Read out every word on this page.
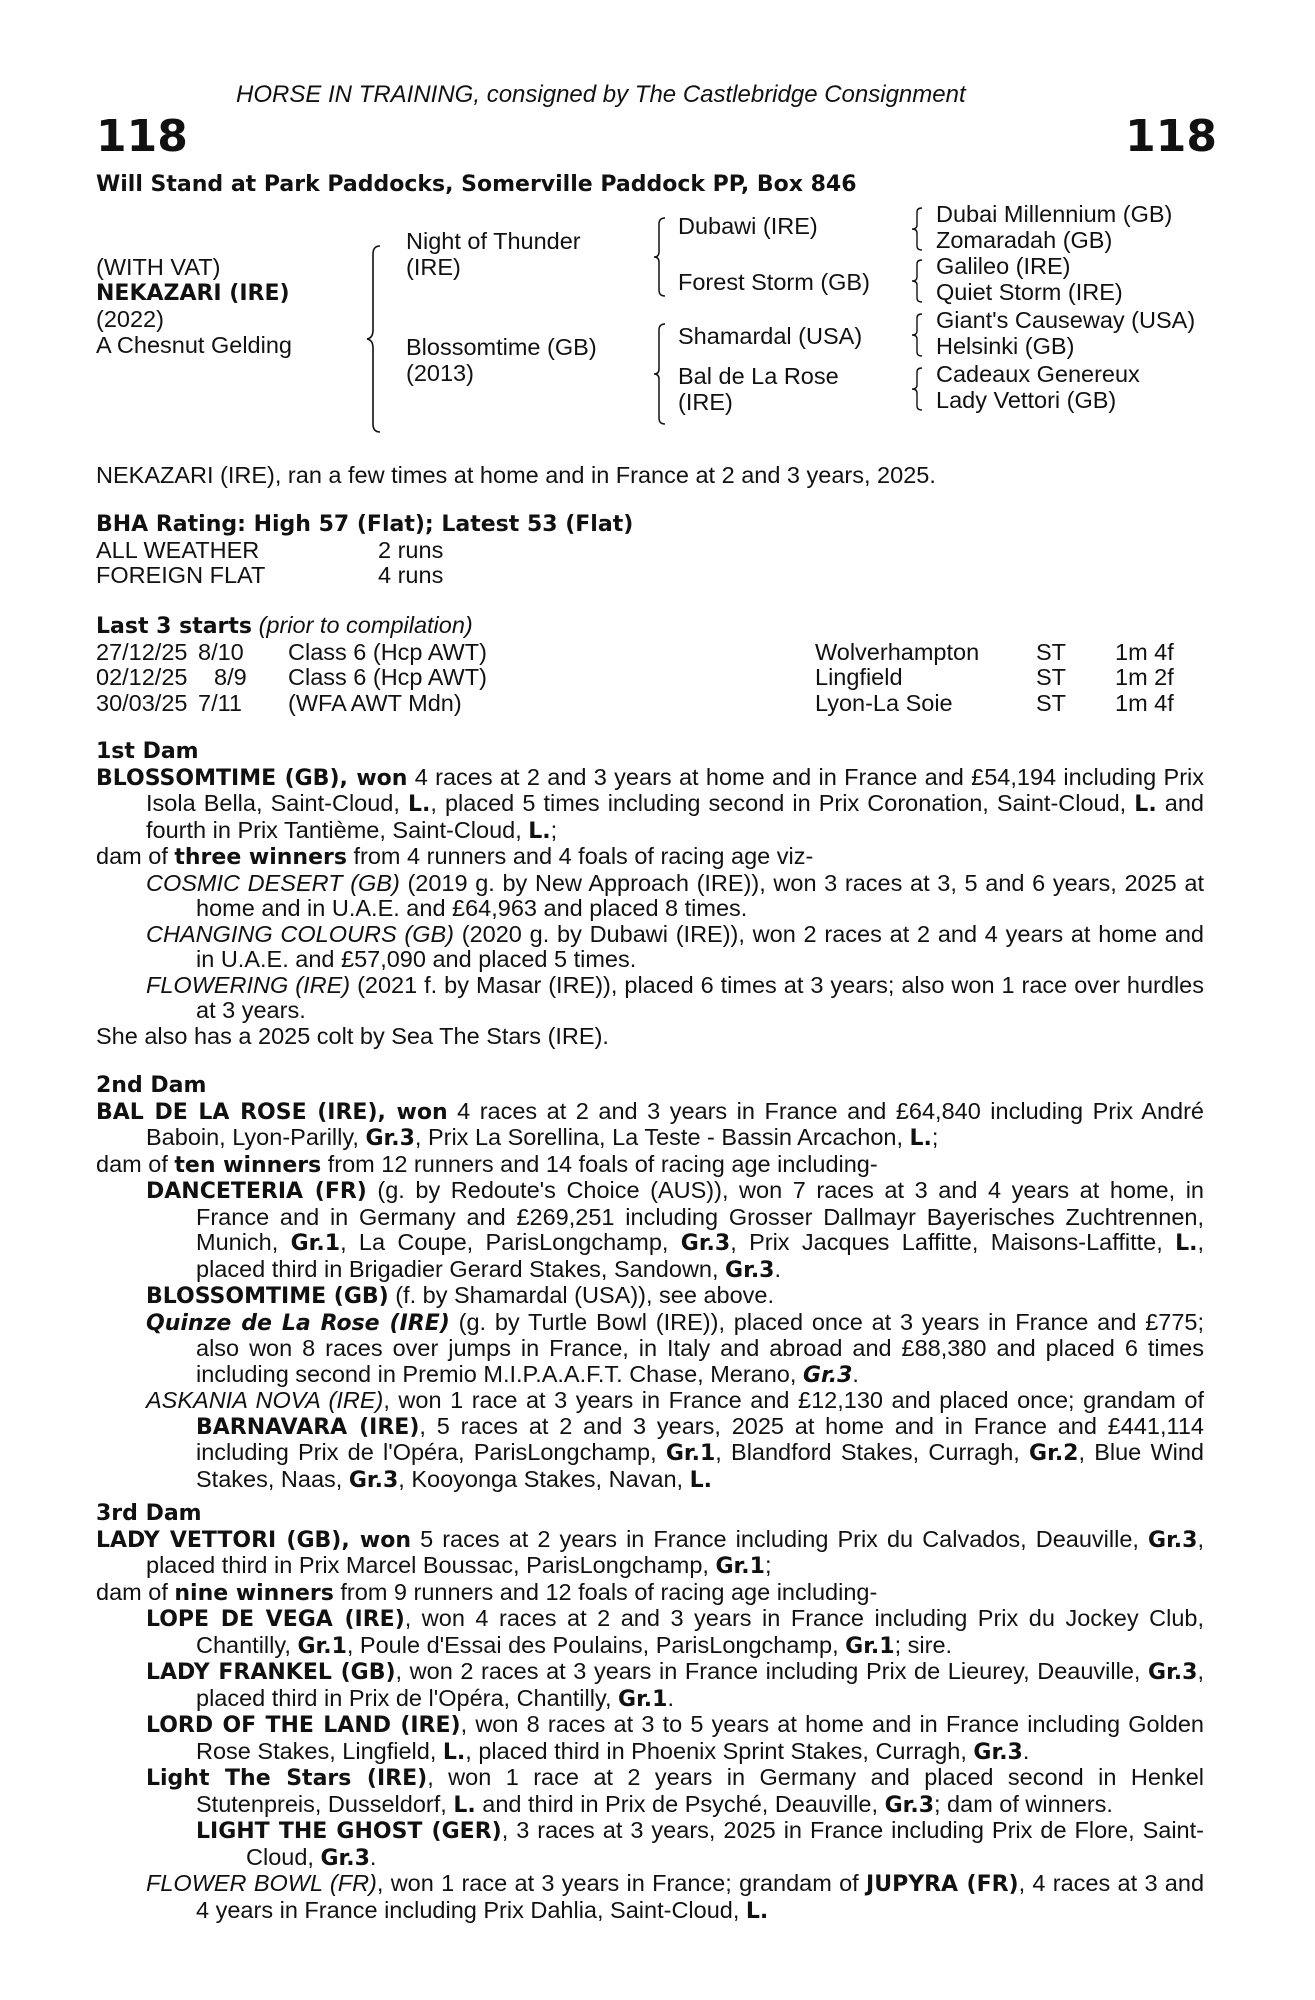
HORSE IN TRAINING, consigned by The Castlebridge Consignment
118	118
Will Stand at Park Paddocks, Somerville Paddock PP, Box 846
(WITH VAT)
NEKAZARI (IRE)
(2022)
A Chesnut Gelding
Night of Thunder
(IRE)
Blossomtime (GB)
(2013)
Dubawi (IRE)
Forest Storm (GB)
Shamardal (USA)
Bal de La Rose
(IRE)
Dubai Millennium (GB)
Zomaradah (GB)
Galileo (IRE)
Quiet Storm (IRE)
Giant's Causeway (USA)
Helsinki (GB)
Cadeaux Genereux
Lady Vettori (GB)
NEKAZARI (IRE), ran a few times at home and in France at 2 and 3 years, 2025.
BHA Rating: High 57 (Flat); Latest 53 (Flat)
ALL WEATHER	2 runs
FOREIGN FLAT	4 runs
Last 3 starts (prior to compilation)
27/12/25 8/10 Class 6 (Hcp AWT)	Wolverhampton ST 1m 4f
02/12/25 8/9 Class 6 (Hcp AWT)	Lingfield	ST 1m 2f
30/03/25 7/11 (WFA AWT Mdn)	Lyon-La Soie	ST 1m 4f

1st Dam

BLOSSOMTIME (GB), won 4 races at 2 and 3 years at home and in France and £54,194 including Prix Isola Bella, Saint-Cloud, L., placed 5 times including second in Prix Coronation, Saint-Cloud, L. and fourth in Prix Tantième, Saint-Cloud, L.;

dam of three winners from 4 runners and 4 foals of racing age viz-

COSMIC DESERT (GB) (2019 g. by New Approach (IRE)), won 3 races at 3, 5 and 6 years, 2025 at home and in U.A.E. and £64,963 and placed 8 times.

CHANGING COLOURS (GB) (2020 g. by Dubawi (IRE)), won 2 races at 2 and 4 years at home and in U.A.E. and £57,090 and placed 5 times.

FLOWERING (IRE) (2021 f. by Masar (IRE)), placed 6 times at 3 years; also won 1 race over hurdles at 3 years.

She also has a 2025 colt by Sea The Stars (IRE).

2nd Dam

BAL DE LA ROSE (IRE), won 4 races at 2 and 3 years in France and £64,840 including Prix André Baboin, Lyon-Parilly, Gr.3, Prix La Sorellina, La Teste - Bassin Arcachon, L.;

dam of ten winners from 12 runners and 14 foals of racing age including-

DANCETERIA (FR) (g. by Redoute's Choice (AUS)), won 7 races at 3 and 4 years at home, in France and in Germany and £269,251 including Grosser Dallmayr Bayerisches Zuchtrennen, Munich, Gr.1, La Coupe, ParisLongchamp, Gr.3, Prix Jacques Laffitte, Maisons-Laffitte, L., placed third in Brigadier Gerard Stakes, Sandown, Gr.3.

BLOSSOMTIME (GB) (f. by Shamardal (USA)), see above.

Quinze de La Rose (IRE) (g. by Turtle Bowl (IRE)), placed once at 3 years in France and £775; also won 8 races over jumps in France, in Italy and abroad and £88,380 and placed 6 times including second in Premio M.I.P.A.A.F.T. Chase, Merano, Gr.3.

ASKANIA NOVA (IRE), won 1 race at 3 years in France and £12,130 and placed once; grandam of BARNAVARA (IRE), 5 races at 2 and 3 years, 2025 at home and in France and £441,114 including Prix de l'Opéra, ParisLongchamp, Gr.1, Blandford Stakes, Curragh, Gr.2, Blue Wind Stakes, Naas, Gr.3, Kooyonga Stakes, Navan, L.

3rd Dam

LADY VETTORI (GB), won 5 races at 2 years in France including Prix du Calvados, Deauville, Gr.3, placed third in Prix Marcel Boussac, ParisLongchamp, Gr.1;

dam of nine winners from 9 runners and 12 foals of racing age including-

LOPE DE VEGA (IRE), won 4 races at 2 and 3 years in France including Prix du Jockey Club, Chantilly, Gr.1, Poule d'Essai des Poulains, ParisLongchamp, Gr.1; sire.

LADY FRANKEL (GB), won 2 races at 3 years in France including Prix de Lieurey, Deauville, Gr.3, placed third in Prix de l'Opéra, Chantilly, Gr.1.

LORD OF THE LAND (IRE), won 8 races at 3 to 5 years at home and in France including Golden Rose Stakes, Lingfield, L., placed third in Phoenix Sprint Stakes, Curragh, Gr.3.

Light The Stars (IRE), won 1 race at 2 years in Germany and placed second in Henkel Stutenpreis, Dusseldorf, L. and third in Prix de Psyché, Deauville, Gr.3; dam of winners.

LIGHT THE GHOST (GER), 3 races at 3 years, 2025 in France including Prix de Flore, Saint-Cloud, Gr.3.

FLOWER BOWL (FR), won 1 race at 3 years in France; grandam of JUPYRA (FR), 4 races at 3 and 4 years in France including Prix Dahlia, Saint-Cloud, L.
